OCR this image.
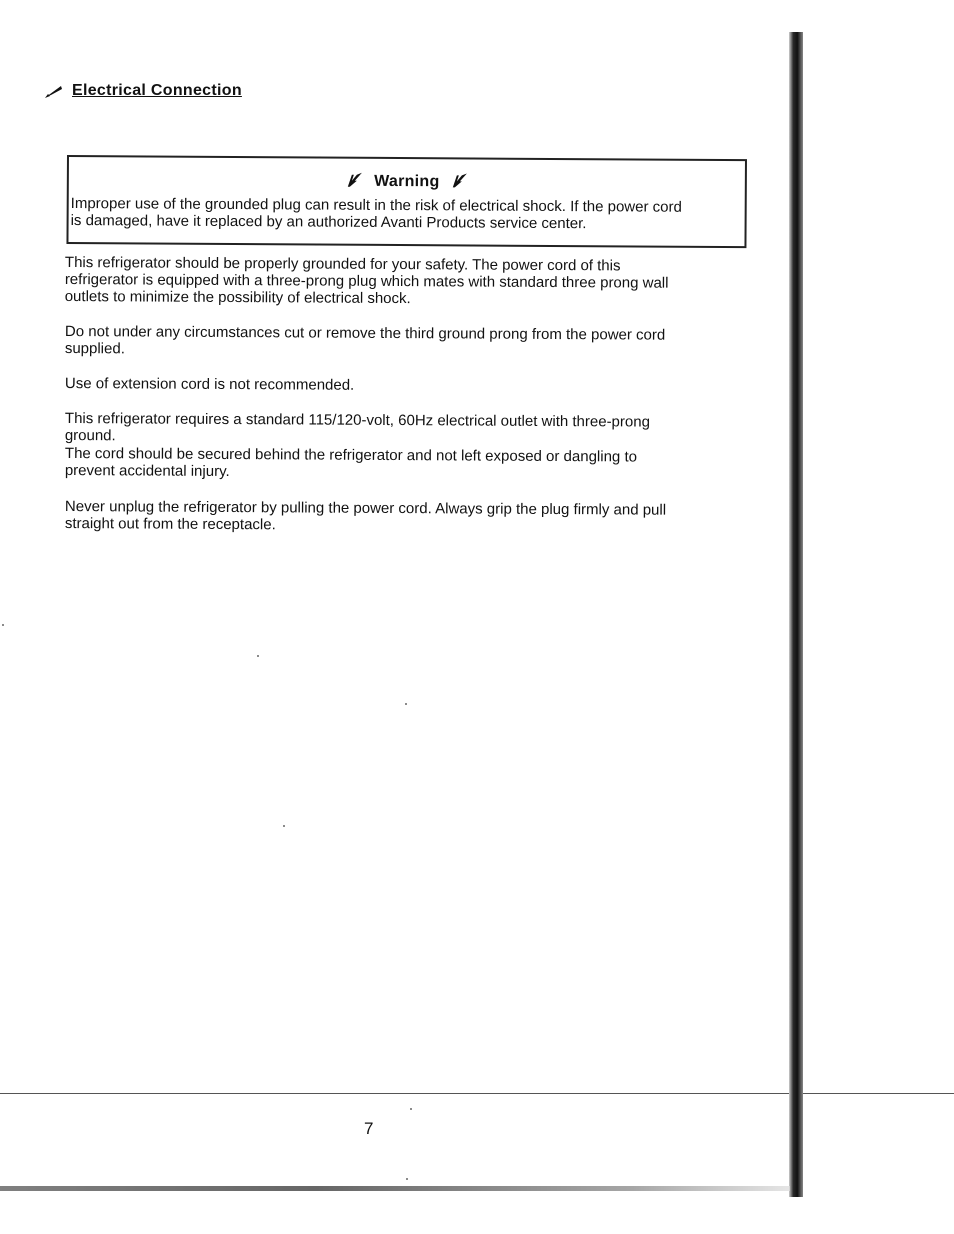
Electrical Connection
Warning
Improper use of the grounded plug can result in the risk of electrical shock. If the power cord
is damaged, have it replaced by an authorized Avanti Products service center.
This refrigerator should be properly grounded for your safety. The power cord of this
refrigerator is equipped with a three-prong plug which mates with standard three prong wall
outlets to minimize the possibility of electrical shock.
Do not under any circumstances cut or remove the third ground prong from the power cord
supplied.
Use of extension cord is not recommended.
This refrigerator requires a standard 115/120-volt, 60Hz electrical outlet with three-prong
ground.
The cord should be secured behind the refrigerator and not left exposed or dangling to
prevent accidental injury.
Never unplug the refrigerator by pulling the power cord. Always grip the plug firmly and pull
straight out from the receptacle.
7
